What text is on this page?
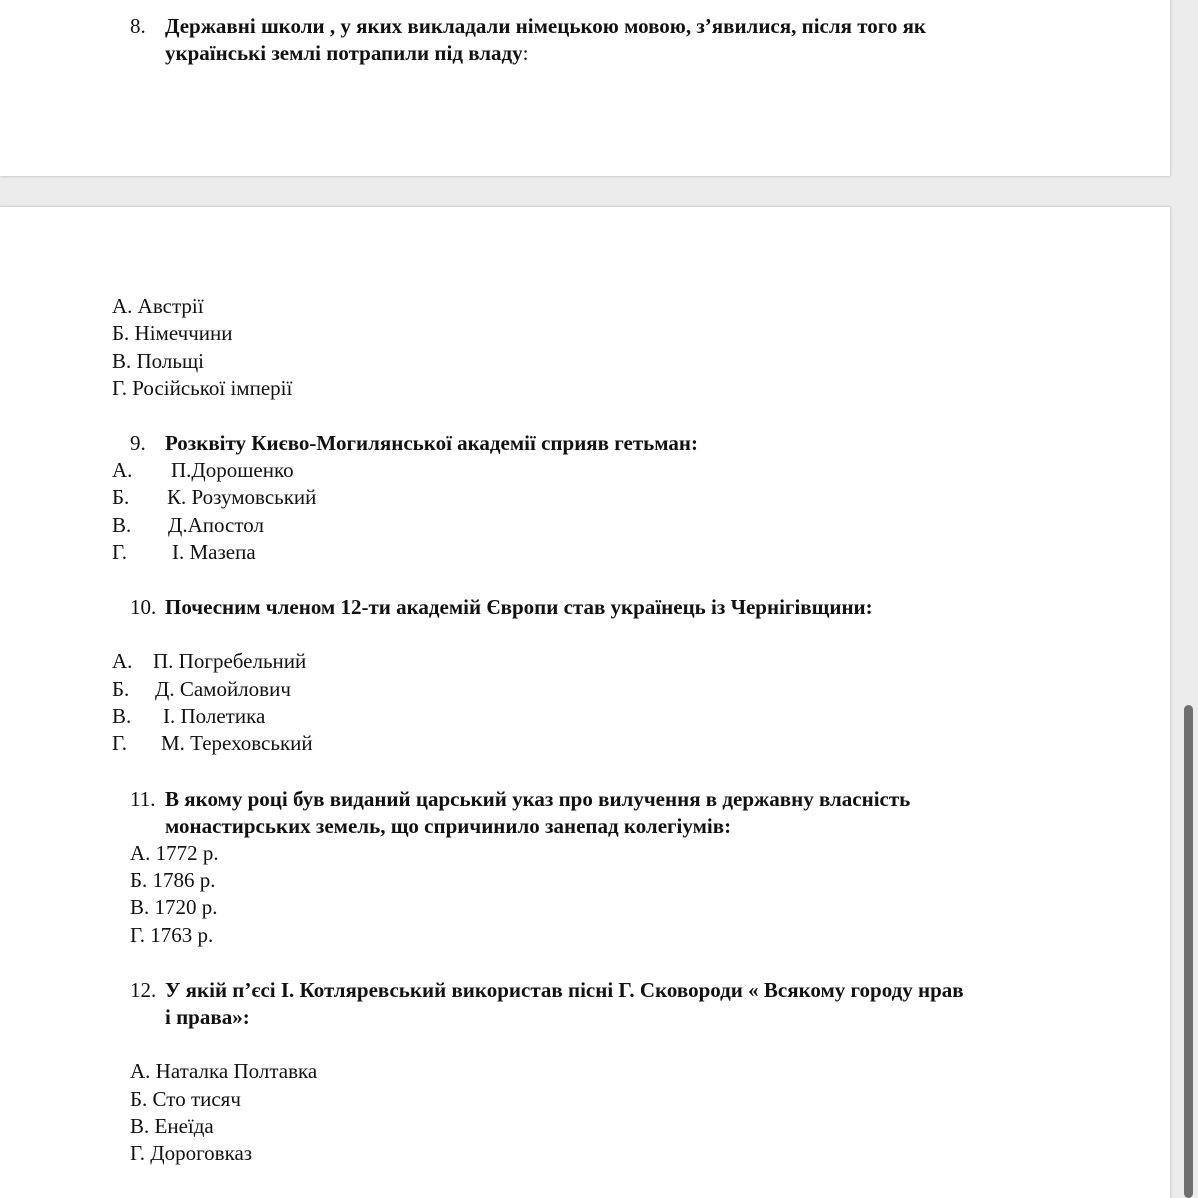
8. Державні школи , у яких викладали німецькою мовою, з’явилися, після того як
українські землі потрапили під владу:
А. Австрії
Б. Німеччини
В. Польщі
Г. Російської імперії
9. Розквіту Києво-Могилянської академії сприяв гетьман:
А. П.Дорошенко
Б. К. Розумовський
В. Д.Апостол
Г. І. Мазепа
10. Почесним членом 12-ти академій Європи став українець із Чернігівщини:
А. П. Погребельний
Б. Д. Самойлович
В. І. Полетика
Г. М. Тереховський
11. В якому році був виданий царський указ про вилучення в державну власність
монастирських земель, що спричинило занепад колегіумів:
А. 1772 р.
Б. 1786 р.
В. 1720 р.
Г. 1763 р.
12. У якій п’єсі І. Котляревський використав пісні Г. Сковороди « Всякому городу нрав
і права»:
А. Наталка Полтавка
Б. Сто тисяч
В. Енеїда
Г. Дороговказ
